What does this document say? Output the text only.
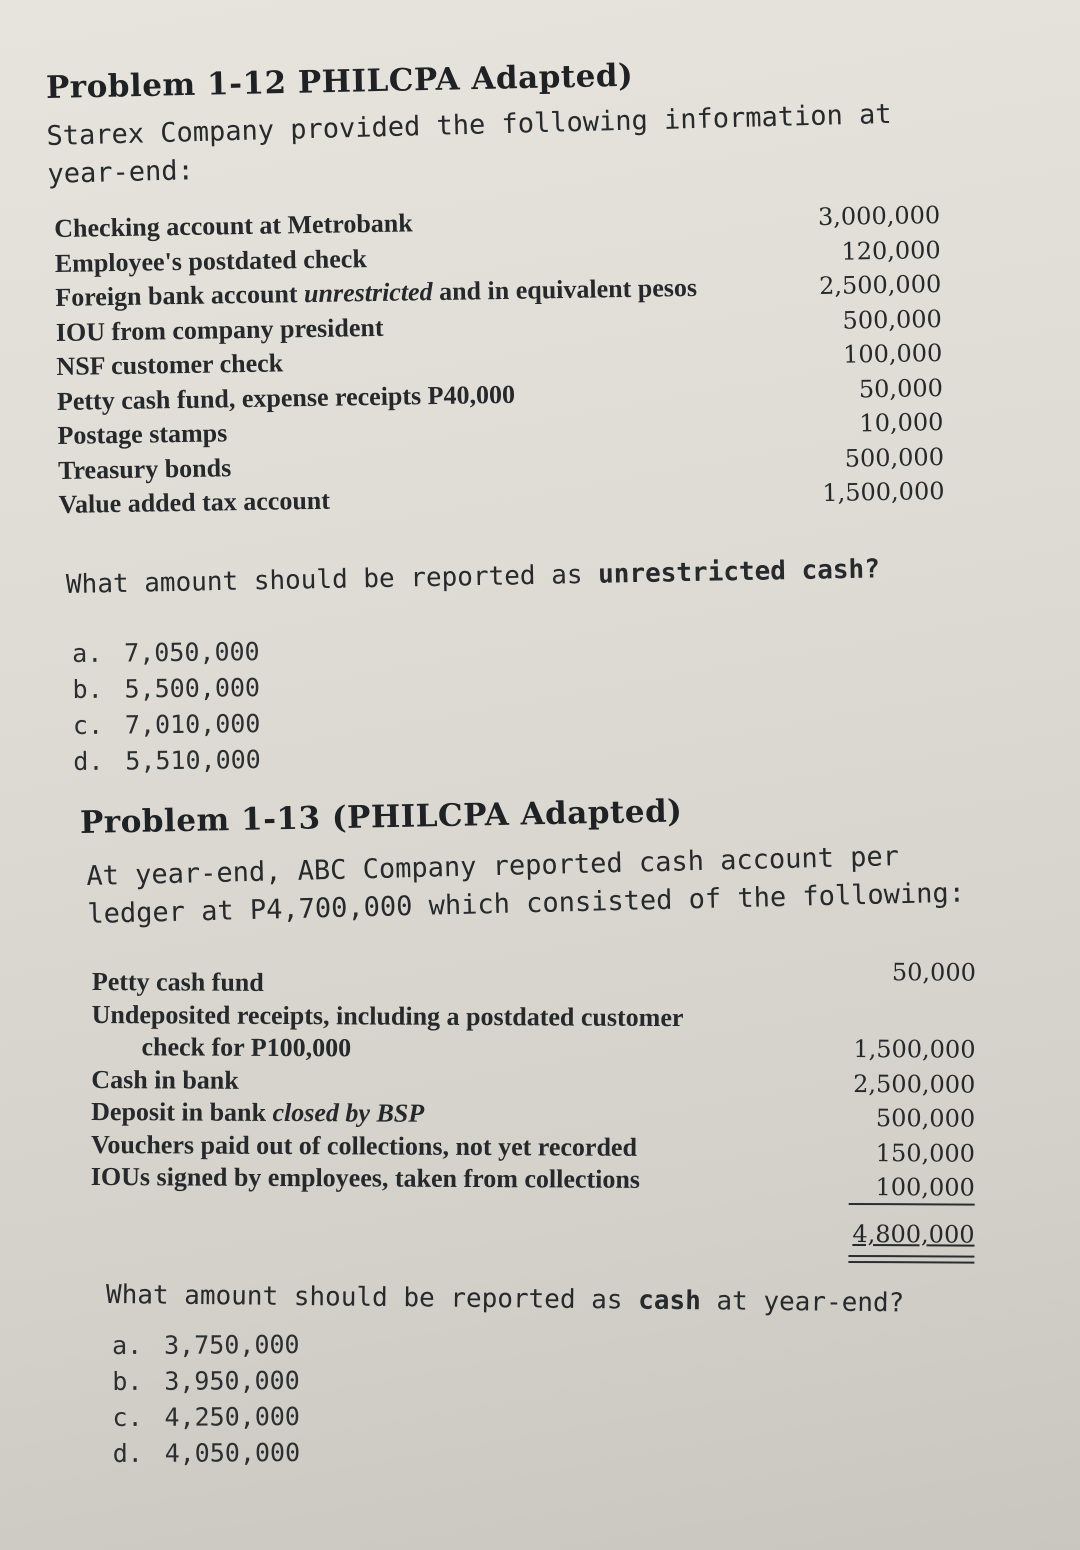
Problem 1-12 PHILCPA Adapted)
Starex Company provided the following information at year-end:
Checking account at Metrobank	3,000,000
Employee's postdated check	120,000
Foreign bank account unrestricted and in equivalent pesos	2,500,000
IOU from company president	500,000
NSF customer check	100,000
Petty cash fund, expense receipts P40,000	50,000
Postage stamps	10,000
Treasury bonds	500,000
Value added tax account	1,500,000
What amount should be reported as unrestricted cash?
a. 7,050,000
b. 5,500,000
c. 7,010,000
d. 5,510,000
Problem 1-13 (PHILCPA Adapted)
At year-end, ABC Company reported cash account per ledger at P4,700,000 which consisted of the following:
Petty cash fund	50,000
Undeposited receipts, including a postdated customer
check for P100,000	1,500,000
Cash in bank	2,500,000
Deposit in bank closed by BSP	500,000
Vouchers paid out of collections, not yet recorded	150,000
IOUs signed by employees, taken from collections	100,000
4,800,000
What amount should be reported as cash at year-end?
a. 3,750,000
b. 3,950,000
c. 4,250,000
d. 4,050,000
